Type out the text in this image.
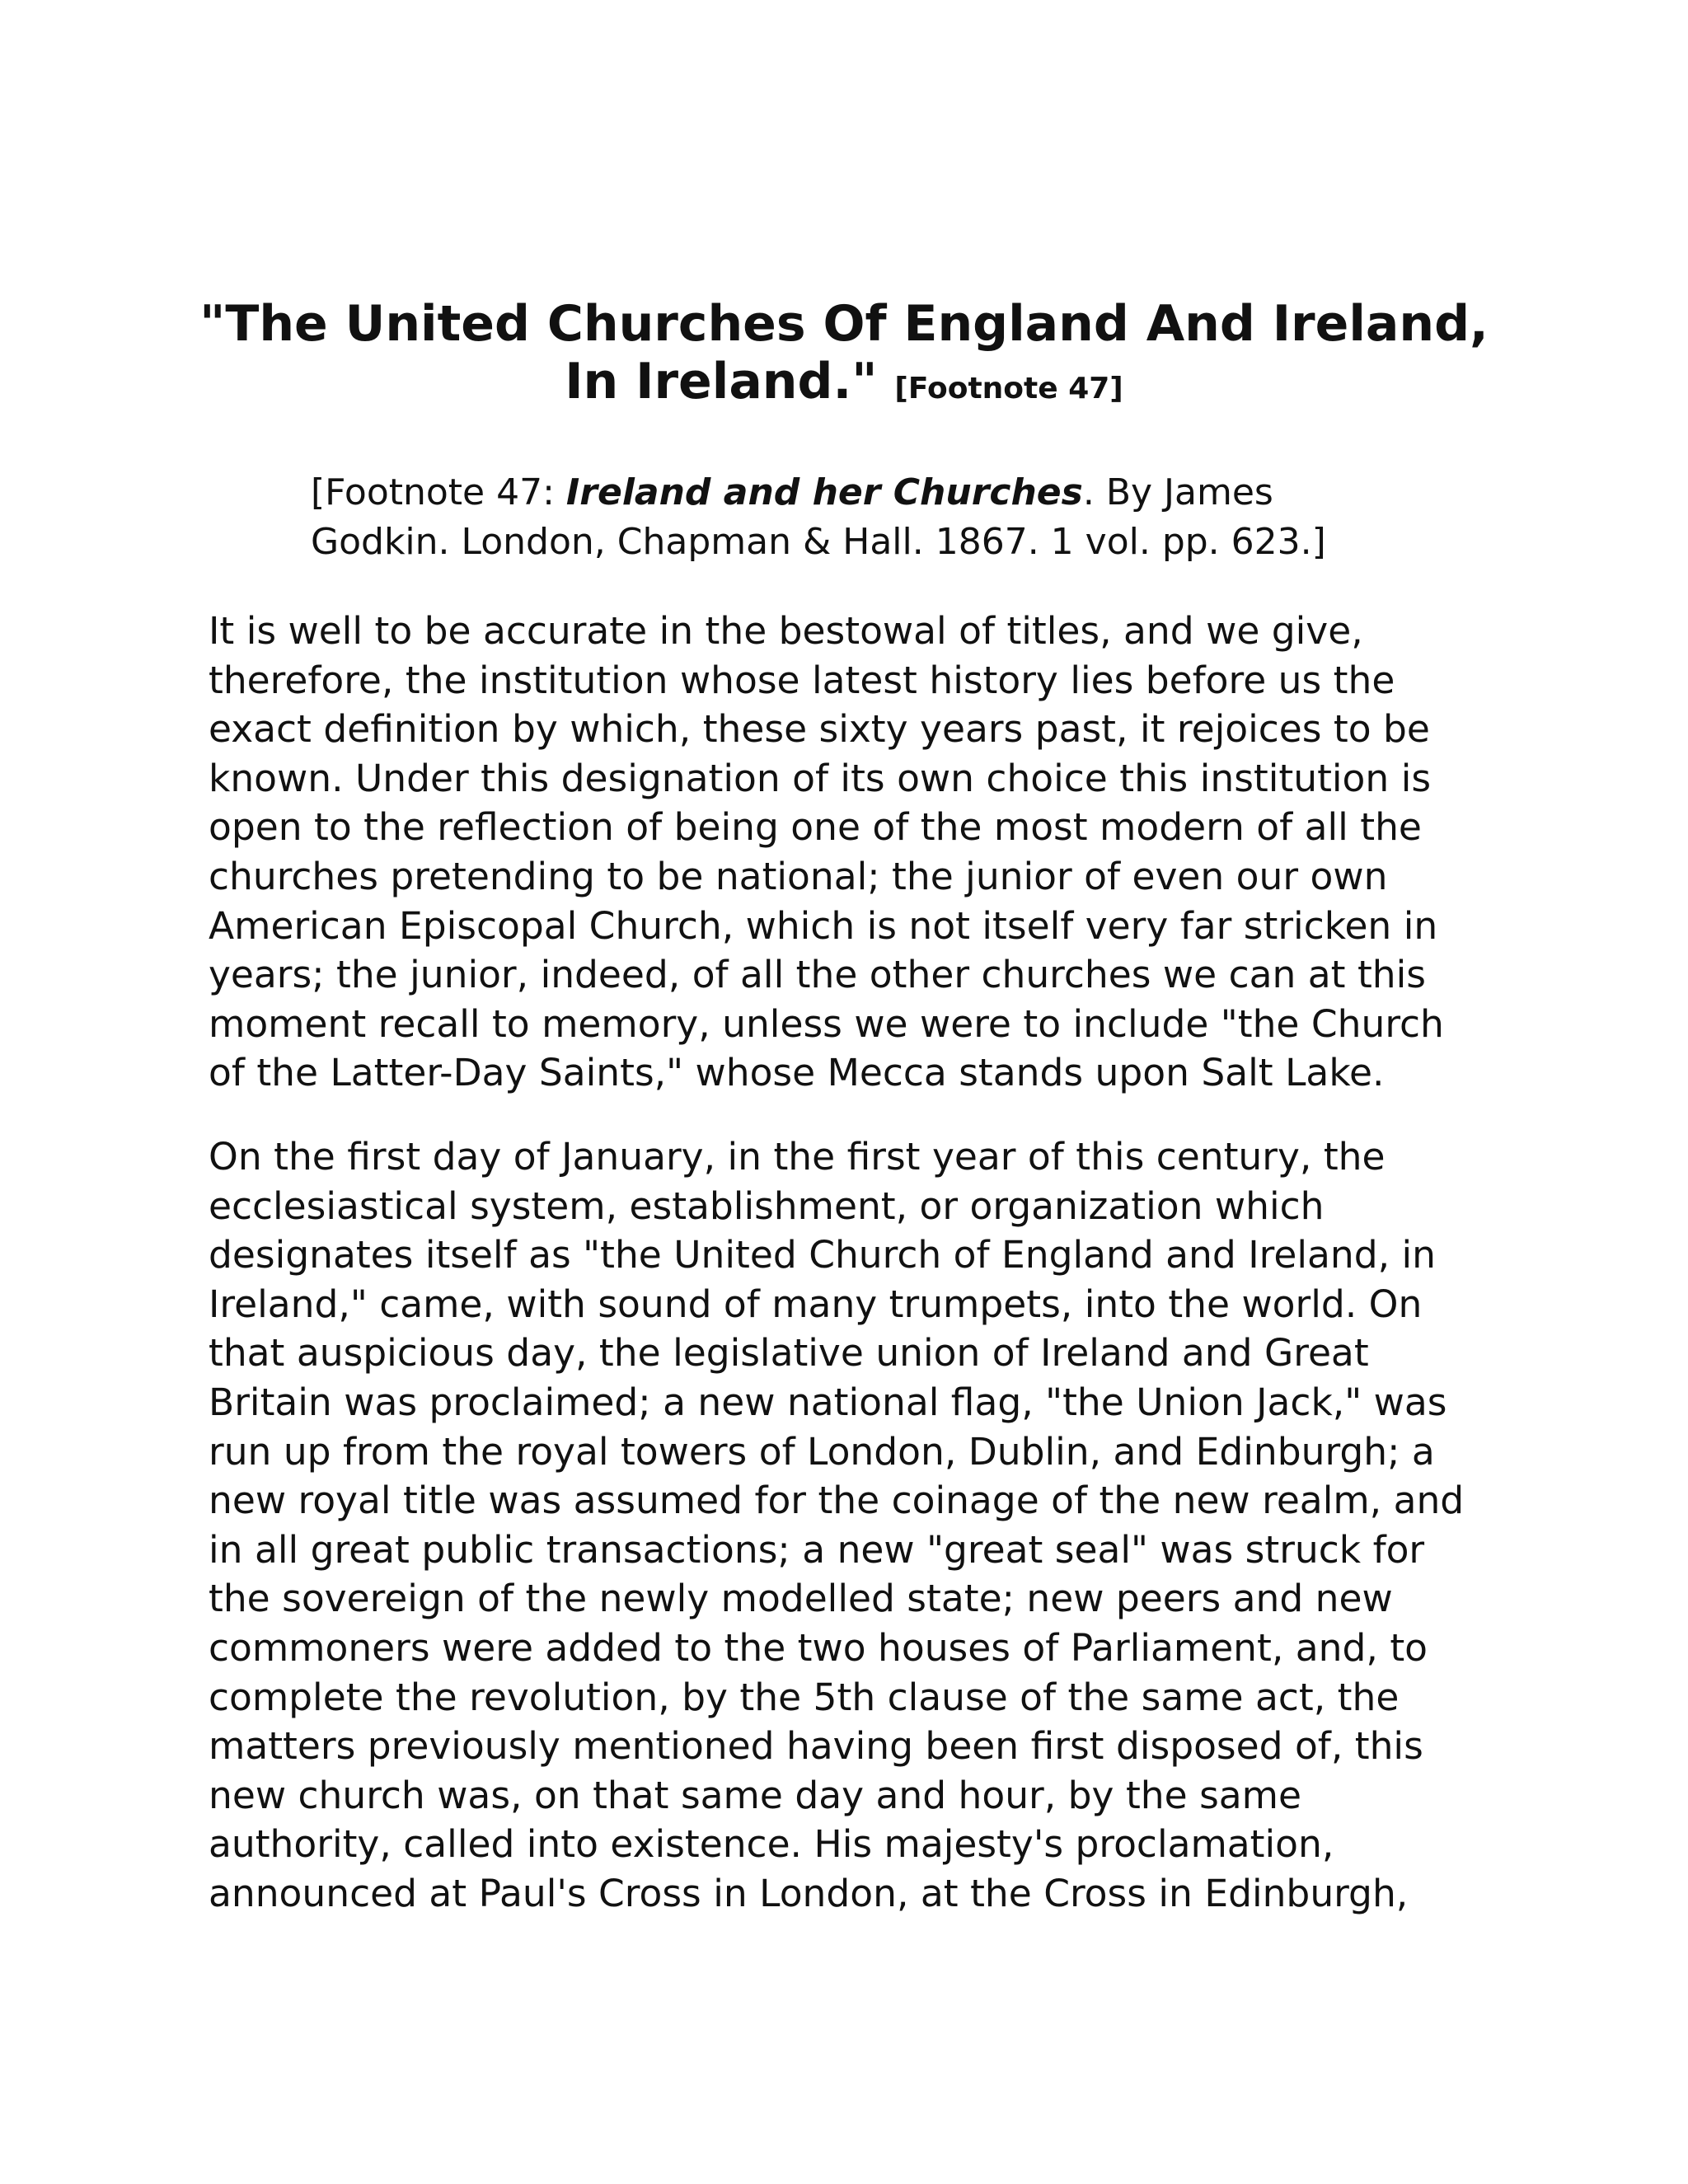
"The United Churches Of England And Ireland,
In Ireland." [Footnote 47]
[Footnote 47: Ireland and her Churches. By James
Godkin. London, Chapman & Hall. 1867. 1 vol. pp. 623.]
It is well to be accurate in the bestowal of titles, and we give,
therefore, the institution whose latest history lies before us the
exact definition by which, these sixty years past, it rejoices to be
known. Under this designation of its own choice this institution is
open to the reflection of being one of the most modern of all the
churches pretending to be national; the junior of even our own
American Episcopal Church, which is not itself very far stricken in
years; the junior, indeed, of all the other churches we can at this
moment recall to memory, unless we were to include "the Church
of the Latter-Day Saints," whose Mecca stands upon Salt Lake.
On the first day of January, in the first year of this century, the
ecclesiastical system, establishment, or organization which
designates itself as "the United Church of England and Ireland, in
Ireland," came, with sound of many trumpets, into the world. On
that auspicious day, the legislative union of Ireland and Great
Britain was proclaimed; a new national flag, "the Union Jack," was
run up from the royal towers of London, Dublin, and Edinburgh; a
new royal title was assumed for the coinage of the new realm, and
in all great public transactions; a new "great seal" was struck for
the sovereign of the newly modelled state; new peers and new
commoners were added to the two houses of Parliament, and, to
complete the revolution, by the 5th clause of the same act, the
matters previously mentioned having been first disposed of, this
new church was, on that same day and hour, by the same
authority, called into existence. His majesty's proclamation,
announced at Paul's Cross in London, at the Cross in Edinburgh,
